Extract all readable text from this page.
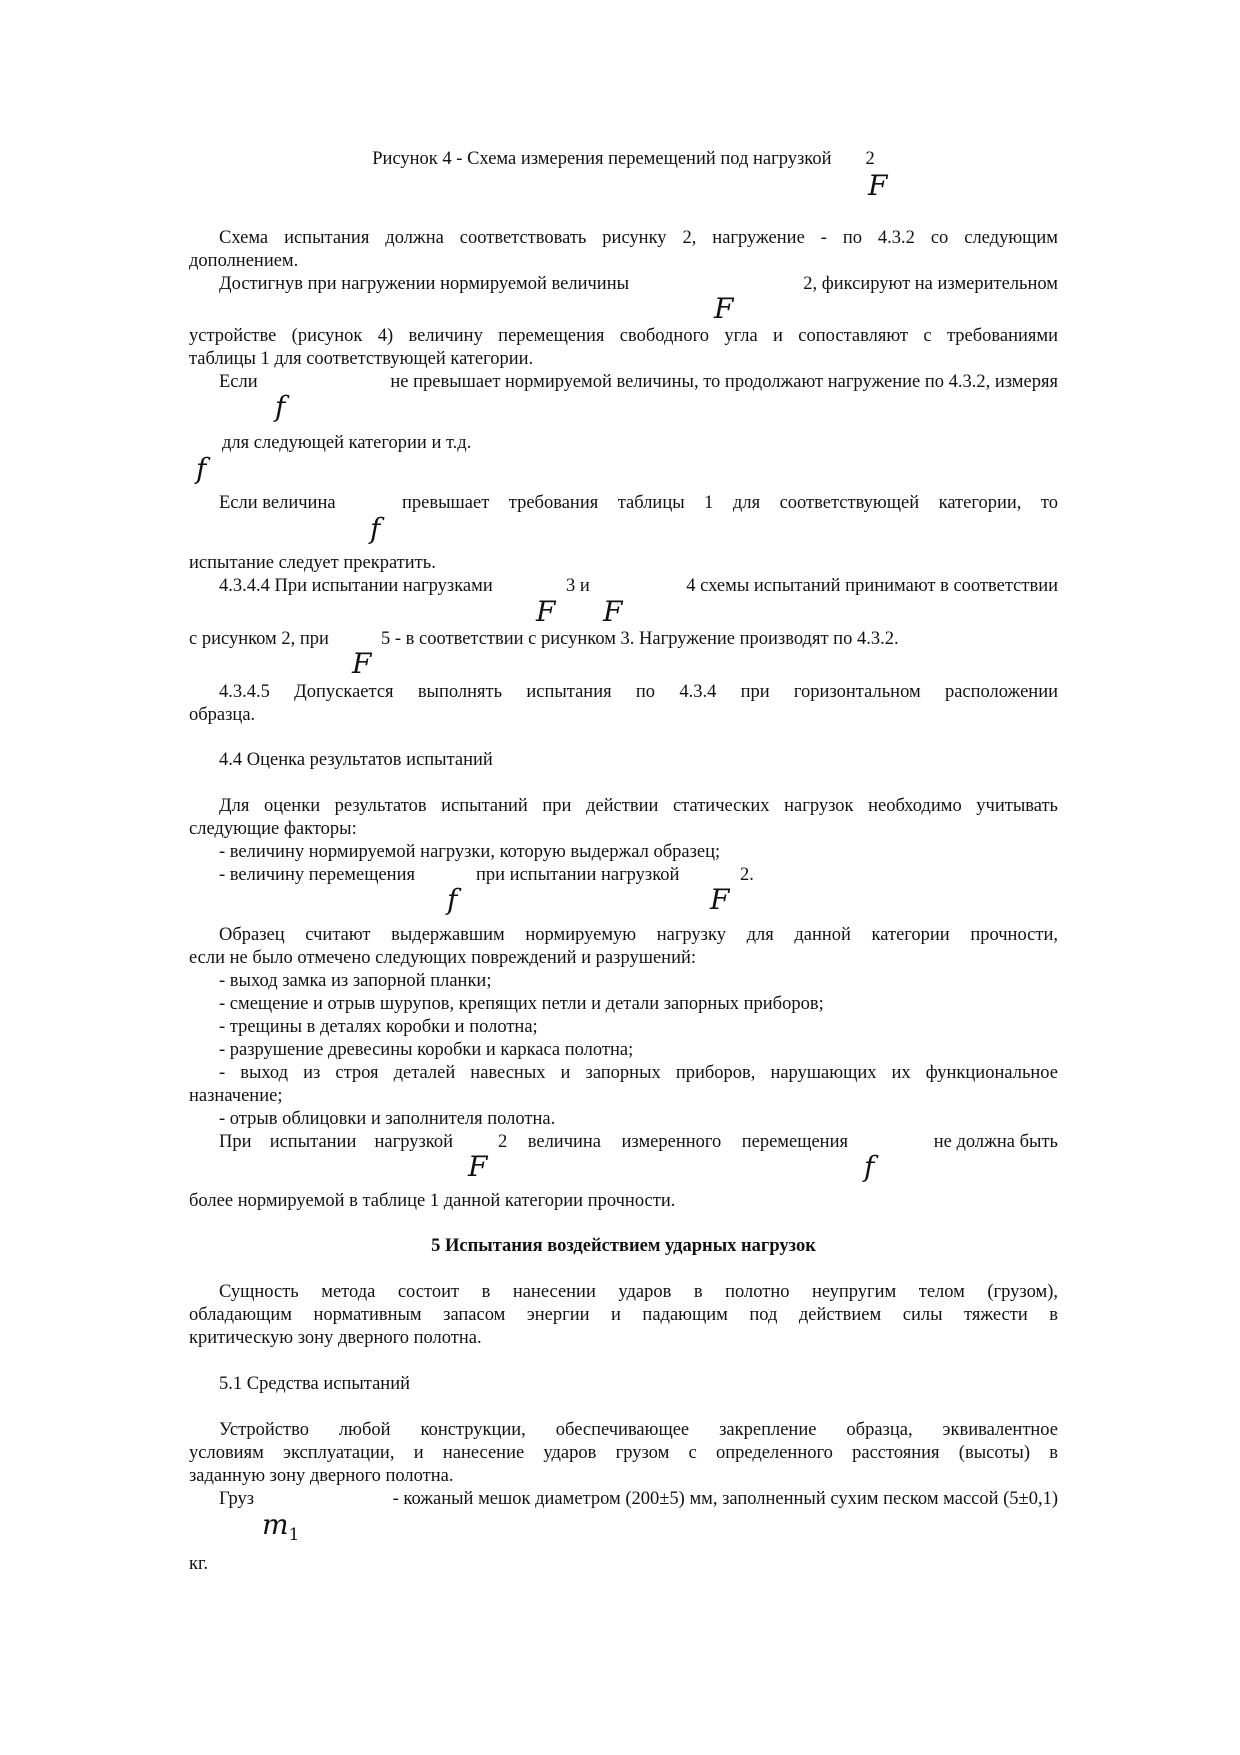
Рисунок 4 - Схема измерения перемещений под нагрузкой 2
F
Схема испытания должна соответствовать рисунку 2, нагружение - по 4.3.2 со следующим
дополнением.
Достигнув при нагружении нормируемой величины	2, фиксируют на измерительном
F
устройстве (рисунок 4) величину перемещения свободного угла и сопоставляют с требованиями
таблицы 1 для соответствующей категории.
Если	не превышает нормируемой величины, то продолжают нагружение по 4.3.2, измеряя
f
для следующей категории и т.д.
f
Если величина	превышает требования таблицы 1 для соответствующей категории, то
f
испытание следует прекратить.
4.3.4.4 При испытании нагрузками	3 и	4 схемы испытаний принимают в соответствии
F F
с рисунком 2, при	5 - в соответствии с рисунком 3. Нагружение производят по 4.3.2.
F
4.3.4.5 Допускается выполнять испытания по 4.3.4 при горизонтальном расположении
образца.
4.4 Оценка результатов испытаний
Для оценки результатов испытаний при действии статических нагрузок необходимо учитывать
следующие факторы:
- величину нормируемой нагрузки, которую выдержал образец;
- величину перемещения	при испытании нагрузкой	2.
f	F
Образец считают выдержавшим нормируемую нагрузку для данной категории прочности,
если не было отмечено следующих повреждений и разрушений:
- выход замка из запорной планки;
- смещение и отрыв шурупов, крепящих петли и детали запорных приборов;
- трещины в деталях коробки и полотна;
- разрушение древесины коробки и каркаса полотна;
- выход из строя деталей навесных и запорных приборов, нарушающих их функциональное
назначение;
- отрыв облицовки и заполнителя полотна.
При испытании нагрузкой 2 величина измеренного перемещения	не должна быть
F	f
более нормируемой в таблице 1 данной категории прочности.
5 Испытания воздействием ударных нагрузок
Сущность метода состоит в нанесении ударов в полотно неупругим телом (грузом),
обладающим нормативным запасом энергии и падающим под действием силы тяжести в
критическую зону дверного полотна.
5.1 Средства испытаний
Устройство любой конструкции, обеспечивающее закрепление образца, эквивалентное
условиям эксплуатации, и нанесение ударов грузом с определенного расстояния (высоты) в
заданную зону дверного полотна.
Груз	- кожаный мешок диаметром (200±5) мм, заполненный сухим песком массой (5±0,1)
$m_1$
кг.
